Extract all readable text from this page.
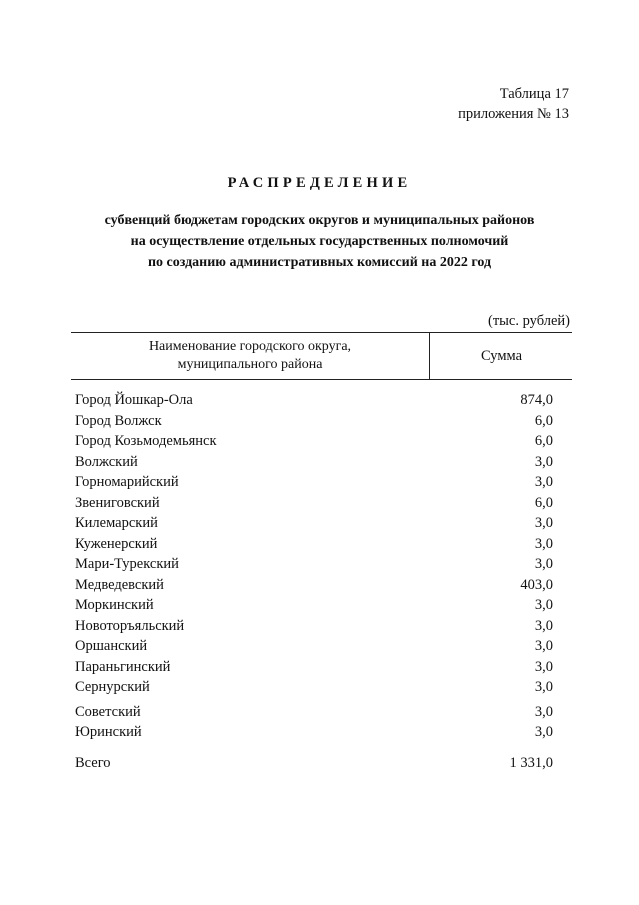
Таблица 17
приложения № 13
РАСПРЕДЕЛЕНИЕ
субвенций бюджетам городских округов и муниципальных районов
на осуществление отдельных государственных полномочий
по созданию административных комиссий на 2022 год
(тыс. рублей)
Наименование городского округа,
муниципального района
Сумма
Город Йошкар-Ола	874,0
Город Волжск	6,0
Город Козьмодемьянск	6,0
Волжский	3,0
Горномарийский	3,0
Звениговский	6,0
Килемарский	3,0
Куженерский	3,0
Мари-Турекский	3,0
Медведевский	403,0
Моркинский	3,0
Новоторъяльский	3,0
Оршанский	3,0
Параньгинский	3,0
Сернурский	3,0
Советский	3,0
Юринский	3,0
Всего	1 331,0
